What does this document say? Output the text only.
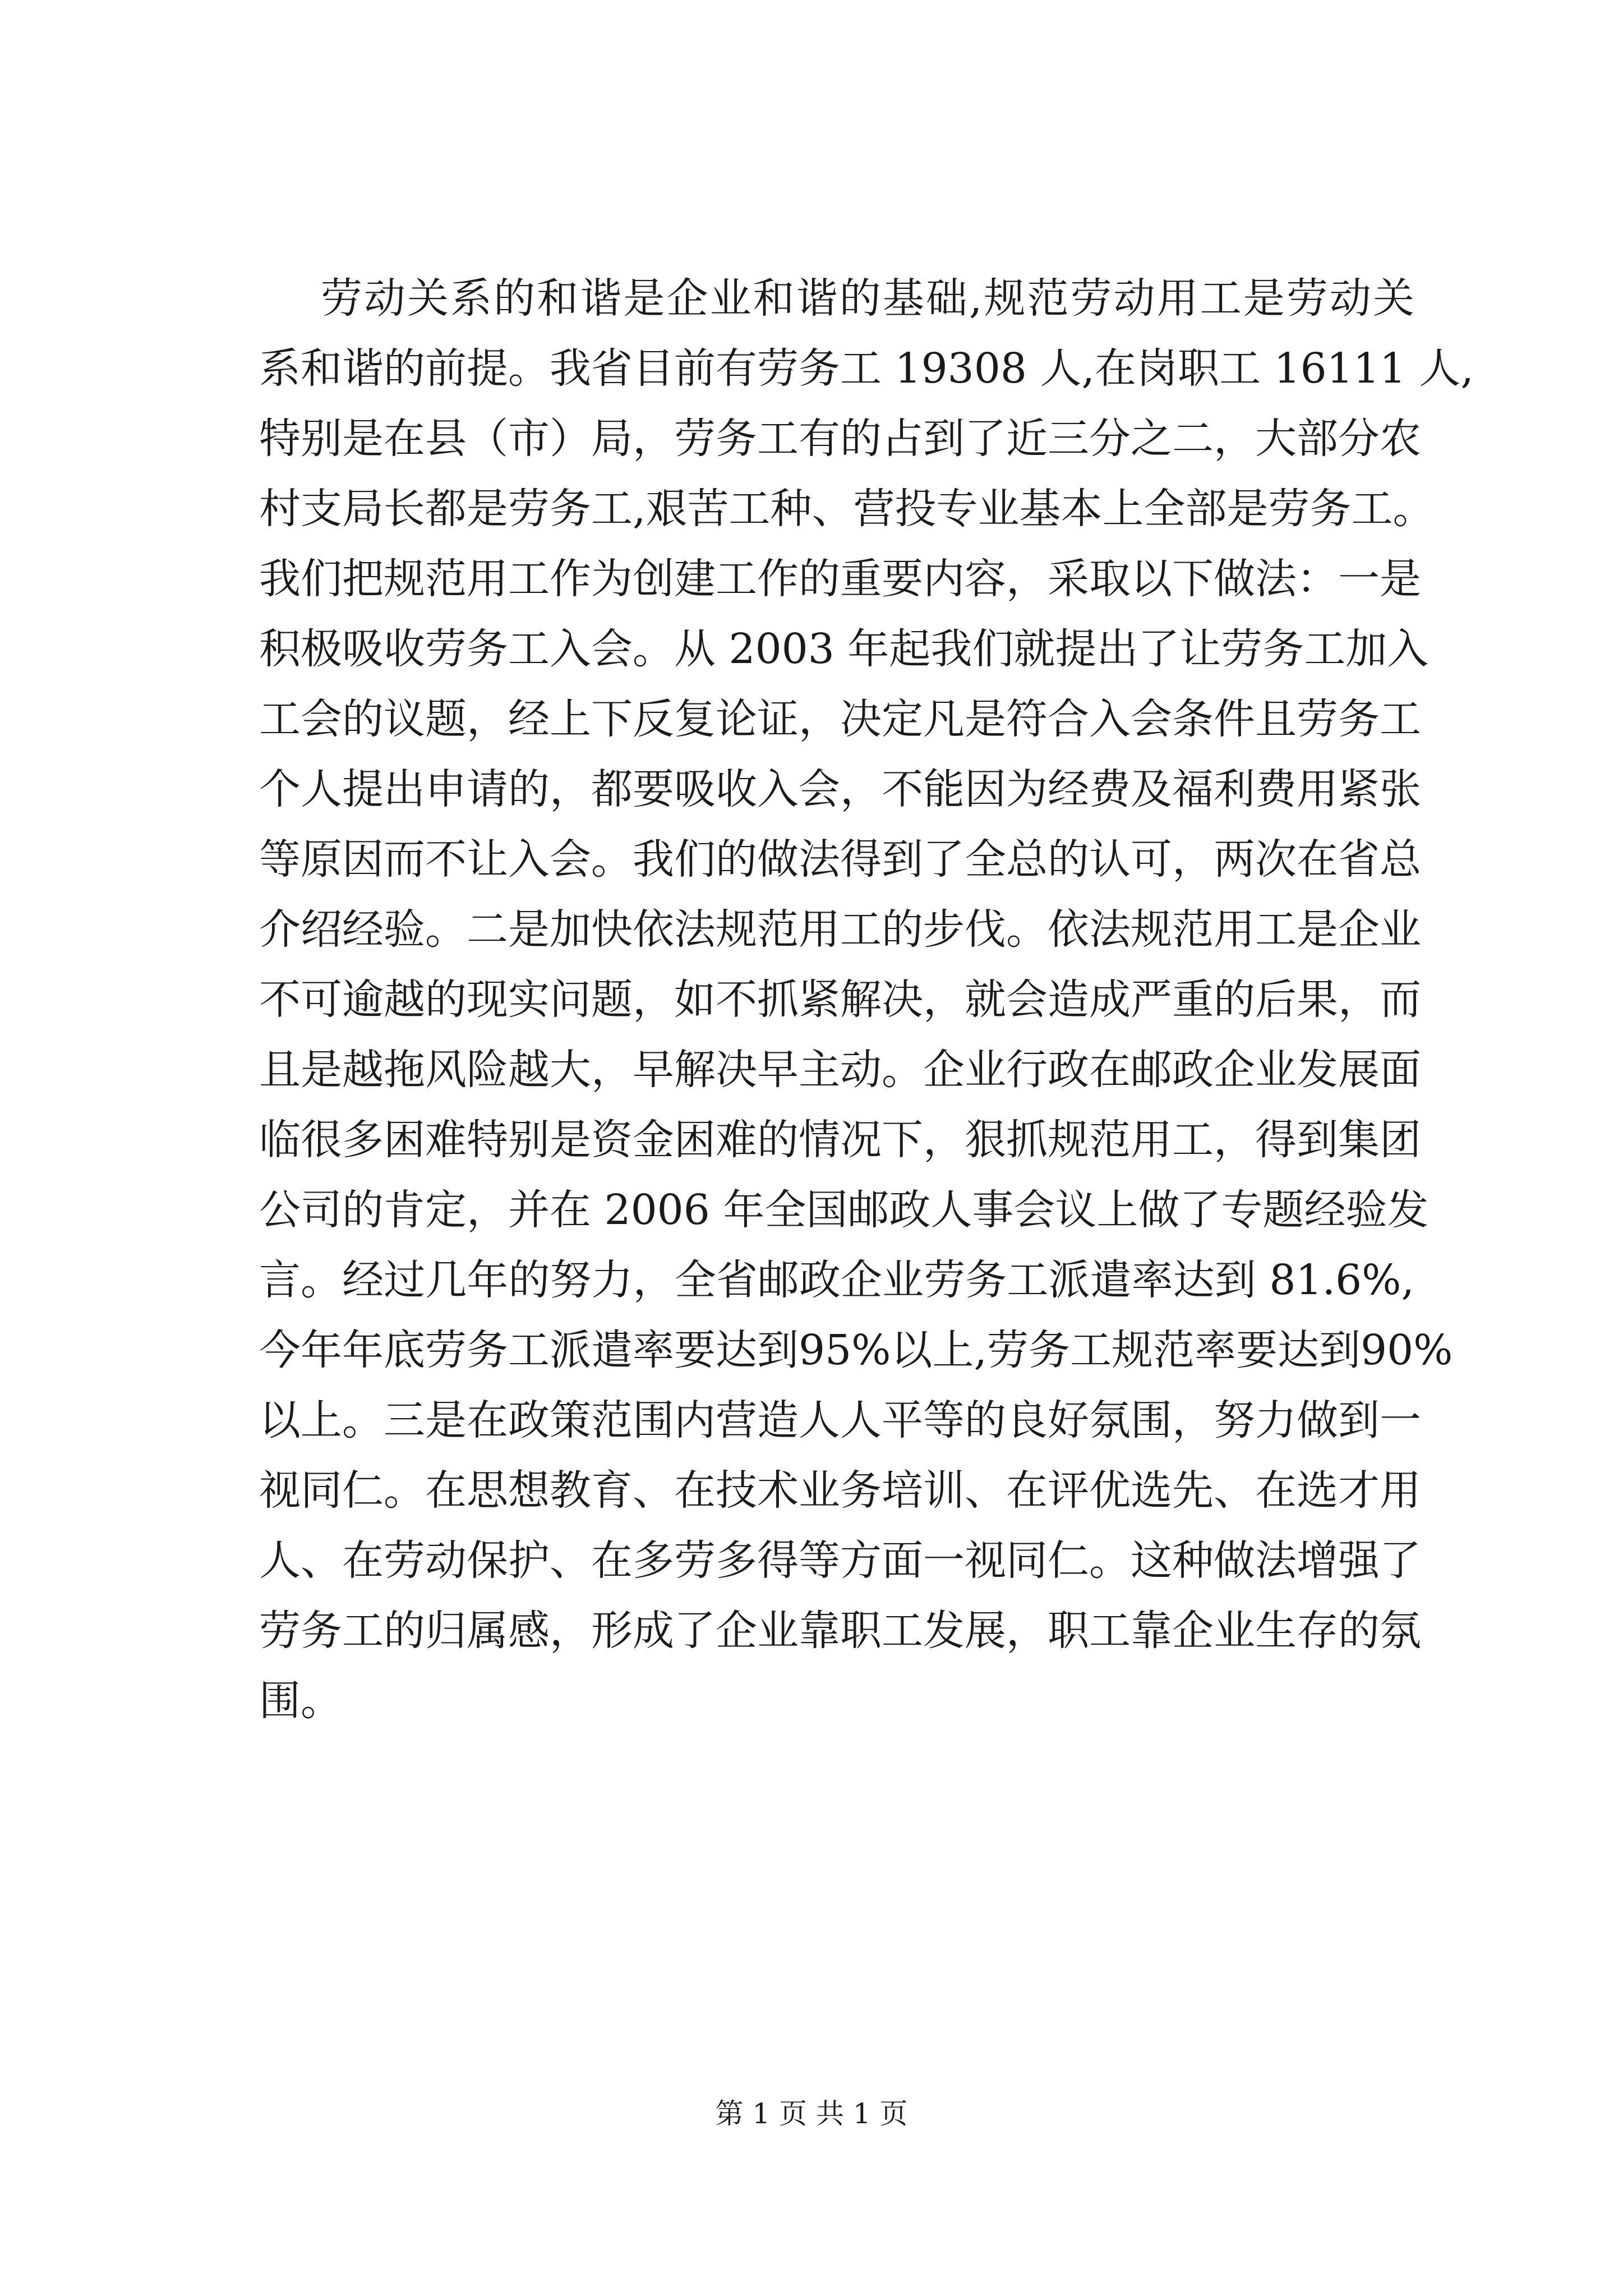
劳动关系的和谐是企业和谐的基础,规范劳动用工是劳动关
系和谐的前提。我省目前有劳务工 19308 人,在岗职工 16111 人,
特别是在县（市）局，劳务工有的占到了近三分之二，大部分农
村支局长都是劳务工,艰苦工种、营投专业基本上全部是劳务工。
我们把规范用工作为创建工作的重要内容，采取以下做法：一是
积极吸收劳务工入会。从 2003 年起我们就提出了让劳务工加入
工会的议题，经上下反复论证，决定凡是符合入会条件且劳务工
个人提出申请的，都要吸收入会，不能因为经费及福利费用紧张
等原因而不让入会。我们的做法得到了全总的认可，两次在省总
介绍经验。二是加快依法规范用工的步伐。依法规范用工是企业
不可逾越的现实问题，如不抓紧解决，就会造成严重的后果，而
且是越拖风险越大，早解决早主动。企业行政在邮政企业发展面
临很多困难特别是资金困难的情况下，狠抓规范用工，得到集团
公司的肯定，并在 2006 年全国邮政人事会议上做了专题经验发
言。经过几年的努力，全省邮政企业劳务工派遣率达到 81.6%,
今年年底劳务工派遣率要达到95%以上,劳务工规范率要达到90%
以上。三是在政策范围内营造人人平等的良好氛围，努力做到一
视同仁。在思想教育、在技术业务培训、在评优选先、在选才用
人、在劳动保护、在多劳多得等方面一视同仁。这种做法增强了
劳务工的归属感，形成了企业靠职工发展，职工靠企业生存的氛
围。
第 1 页 共 1 页
